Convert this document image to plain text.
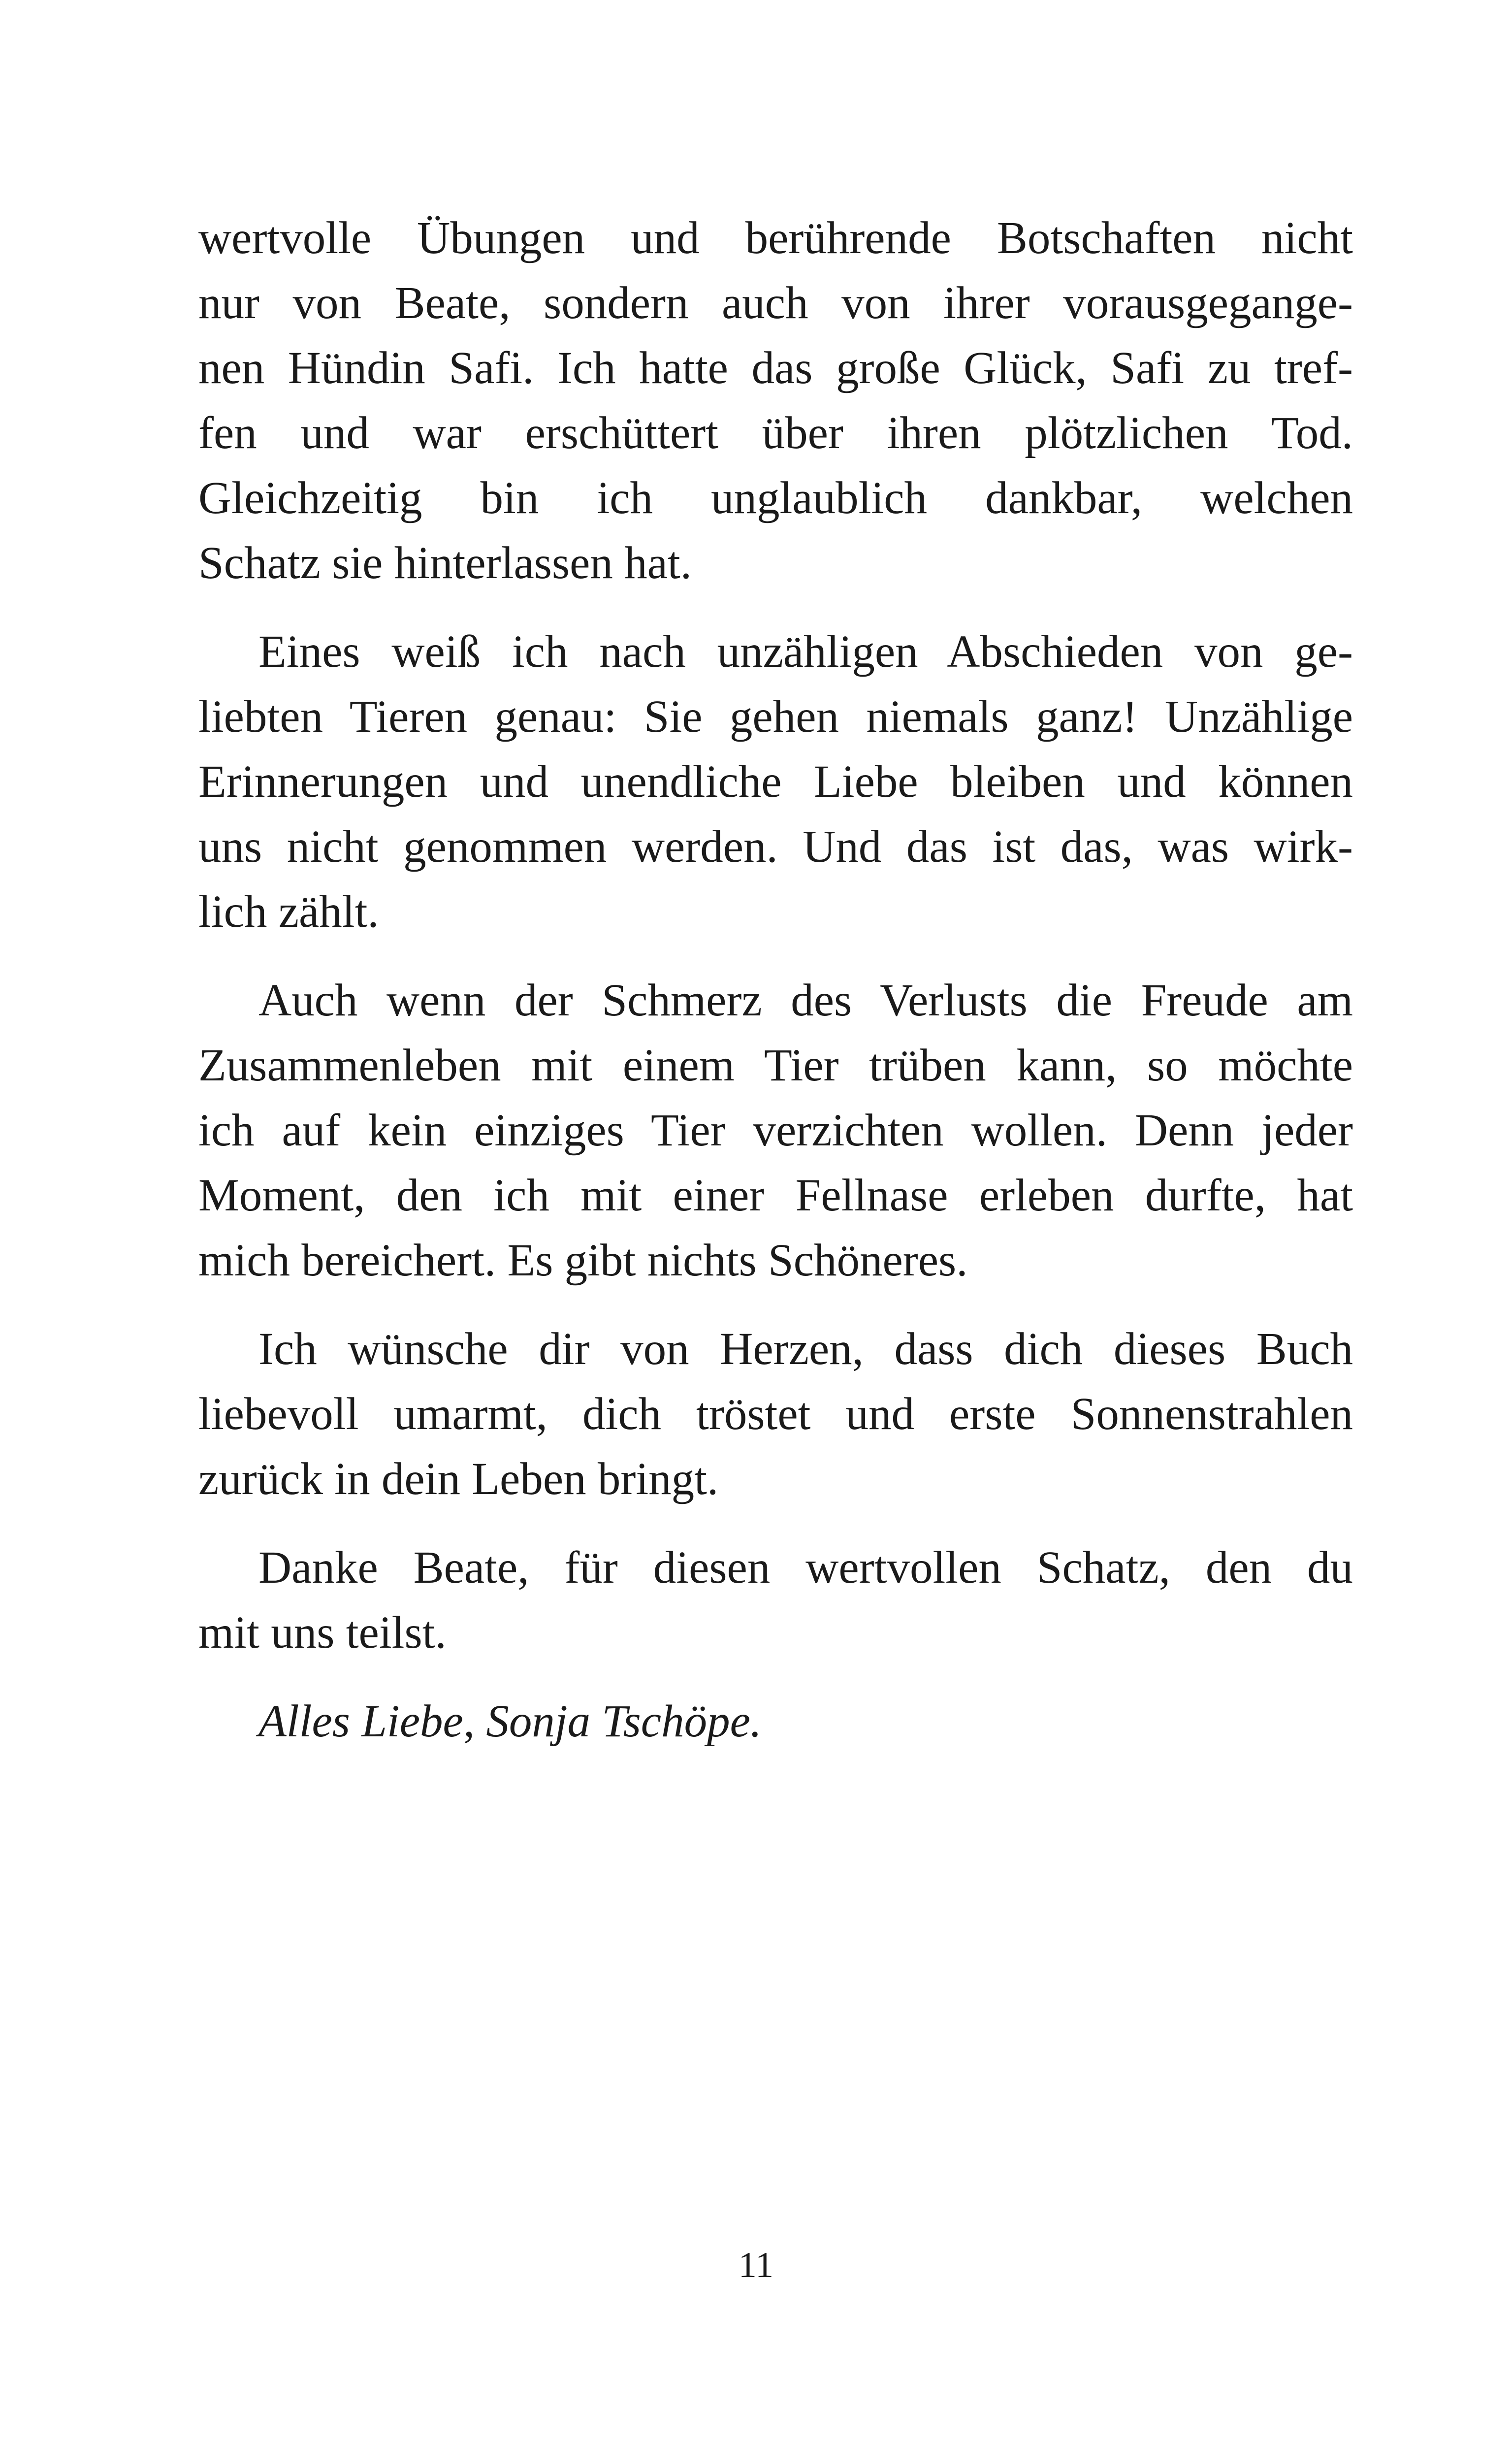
wertvolle Übungen und berührende Botschaften nicht
nur von Beate, sondern auch von ihrer vorausgegange-
nen Hündin Safi. Ich hatte das große Glück, Safi zu tref-
fen und war erschüttert über ihren plötzlichen Tod.
Gleichzeitig bin ich unglaublich dankbar, welchen
Schatz sie hinterlassen hat.
Eines weiß ich nach unzähligen Abschieden von ge-
liebten Tieren genau: Sie gehen niemals ganz! Unzählige
Erinnerungen und unendliche Liebe bleiben und können
uns nicht genommen werden. Und das ist das, was wirk-
lich zählt.
Auch wenn der Schmerz des Verlusts die Freude am
Zusammenleben mit einem Tier trüben kann, so möchte
ich auf kein einziges Tier verzichten wollen. Denn jeder
Moment, den ich mit einer Fellnase erleben durfte, hat
mich bereichert. Es gibt nichts Schöneres.
Ich wünsche dir von Herzen, dass dich dieses Buch
liebevoll umarmt, dich tröstet und erste Sonnenstrahlen
zurück in dein Leben bringt.
Danke Beate, für diesen wertvollen Schatz, den du
mit uns teilst.

Alles Liebe, Sonja Tschöpe.

11
